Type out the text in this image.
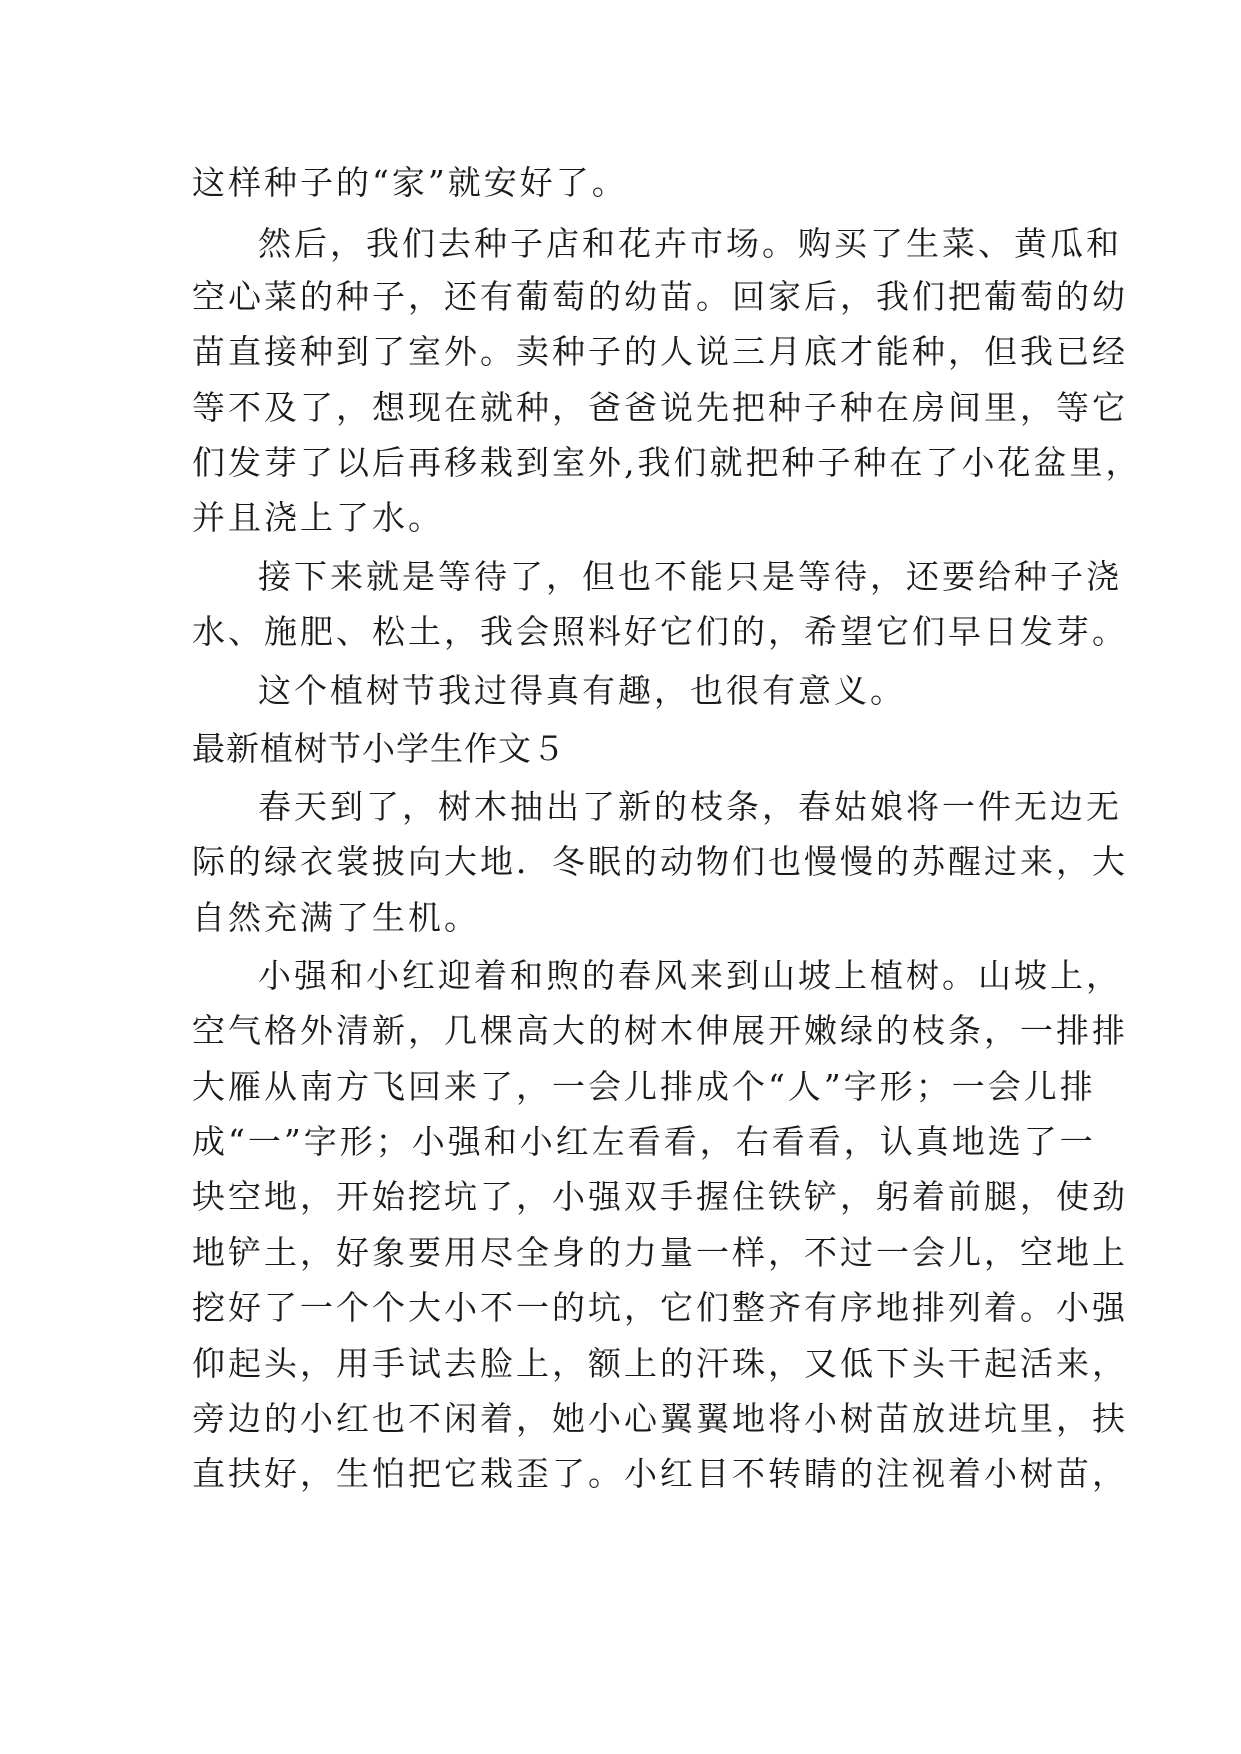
这样种子的“家”就安好了。

然后，我们去种子店和花卉市场。购买了生菜、黄瓜和

空心菜的种子，还有葡萄的幼苗。回家后，我们把葡萄的幼

苗直接种到了室外。卖种子的人说三月底才能种，但我已经

等不及了，想现在就种，爸爸说先把种子种在房间里，等它

们发芽了以后再移栽到室外,我们就把种子种在了小花盆里，

并且浇上了水。

接下来就是等待了，但也不能只是等待，还要给种子浇

水、施肥、松土，我会照料好它们的，希望它们早日发芽。

这个植树节我过得真有趣，也很有意义。

最新植树节小学生作文５

春天到了，树木抽出了新的枝条，春姑娘将一件无边无

际的绿衣裳披向大地．冬眠的动物们也慢慢的苏醒过来，大

自然充满了生机。

小强和小红迎着和煦的春风来到山坡上植树。山坡上，

空气格外清新，几棵高大的树木伸展开嫩绿的枝条，一排排

大雁从南方飞回来了，一会儿排成个“人”字形；一会儿排

成“一”字形；小强和小红左看看，右看看，认真地选了一

块空地，开始挖坑了，小强双手握住铁铲，躬着前腿，使劲

地铲土，好象要用尽全身的力量一样，不过一会儿，空地上

挖好了一个个大小不一的坑，它们整齐有序地排列着。小强

仰起头，用手试去脸上，额上的汗珠，又低下头干起活来，

旁边的小红也不闲着，她小心翼翼地将小树苗放进坑里，扶

直扶好，生怕把它栽歪了。小红目不转睛的注视着小树苗，
